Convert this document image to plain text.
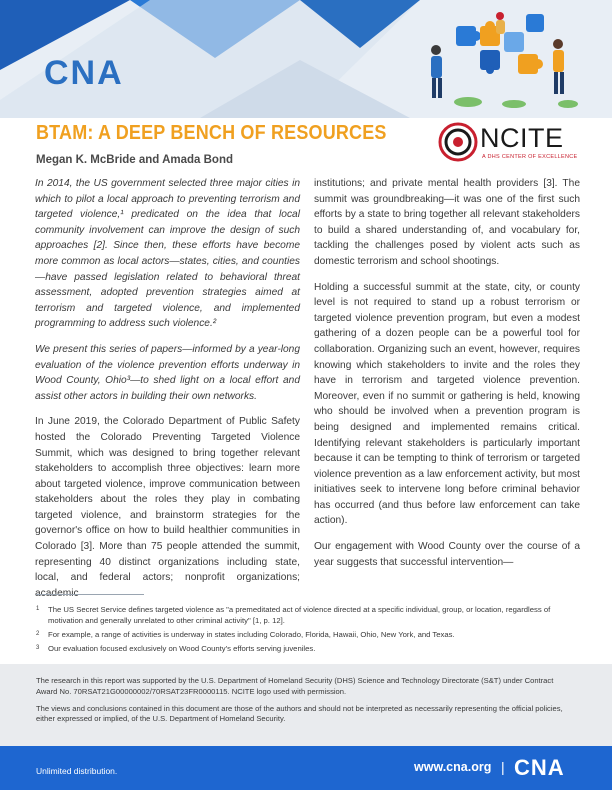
CNA
BTAM: A DEEP BENCH OF RESOURCES
Megan K. McBride and Amada Bond
NCITE
A DHS CENTER OF EXCELLENCE

In 2014, the US government selected three major cities in which to pilot a local approach to preventing terrorism and targeted violence,¹ predicated on the idea that local community involvement can improve the design of such approaches [2]. Since then, these efforts have become more common as local actors—states, cities, and counties—have passed legislation related to behavioral threat assessment, adopted prevention strategies aimed at terrorism and targeted violence, and implemented programming to address such violence.²

We present this series of papers—informed by a year-long evaluation of the violence prevention efforts underway in Wood County, Ohio³—to shed light on a local effort and assist other actors in building their own networks.

In June 2019, the Colorado Department of Public Safety hosted the Colorado Preventing Targeted Violence Summit, which was designed to bring together relevant stakeholders to accomplish three objectives: learn more about targeted violence, improve communication between stakeholders about the roles they play in combating targeted violence, and brainstorm strategies for the governor's office on how to build healthier communities in Colorado [3]. More than 75 people attended the summit, representing 40 distinct organizations including state, local, and federal actors; nonprofit organizations;

institutions; and private mental health providers [3]. The summit was groundbreaking—it was one of the first such efforts by a state to bring together all relevant stakeholders to build a shared understanding of, and vocabulary for, tackling the challenges posed by violent acts such as domestic terrorism and school shootings.

Holding a successful summit at the state, city, or county level is not required to stand up a robust terrorism or targeted violence prevention program, but even a modest gathering of a dozen people can be a powerful tool for collaboration. Organizing such an event, however, requires knowing which stakeholders to invite and the roles they have in terrorism and targeted violence prevention. Moreover, even if no summit or gathering is held, knowing who should be involved when a prevention program is being designed and implemented remains critical. Identifying relevant stakeholders is particularly important because it can be tempting to think of terrorism or targeted violence prevention as a law enforcement activity, but most initiatives seek to intervene long before criminal behavior has occurred (and thus before law enforcement can take action).

Our engagement with Wood County over the course of a year suggests that successful intervention—

1	The US Secret Service defines targeted violence as "a premeditated act of violence directed at a specific individual, group, or location, regardless of motivation and generally unrelated to other criminal activity" [1, p. 12].
2	For example, a range of activities is underway in states including Colorado, Florida, Hawaii, Ohio, New York, and Texas.
3	Our evaluation focused exclusively on Wood County's efforts serving juveniles.

The research in this report was supported by the U.S. Department of Homeland Security (DHS) Science and Technology Directorate (S&T) under Contract Award No. 70RSAT21G00000002/70RSAT23FR0000115. NCITE logo used with permission.

The views and conclusions contained in this document are those of the authors and should not be interpreted as necessarily representing the official policies, either expressed or implied, of the U.S. Department of Homeland Security.

Unlimited distribution.	www.cna.org | CNA
